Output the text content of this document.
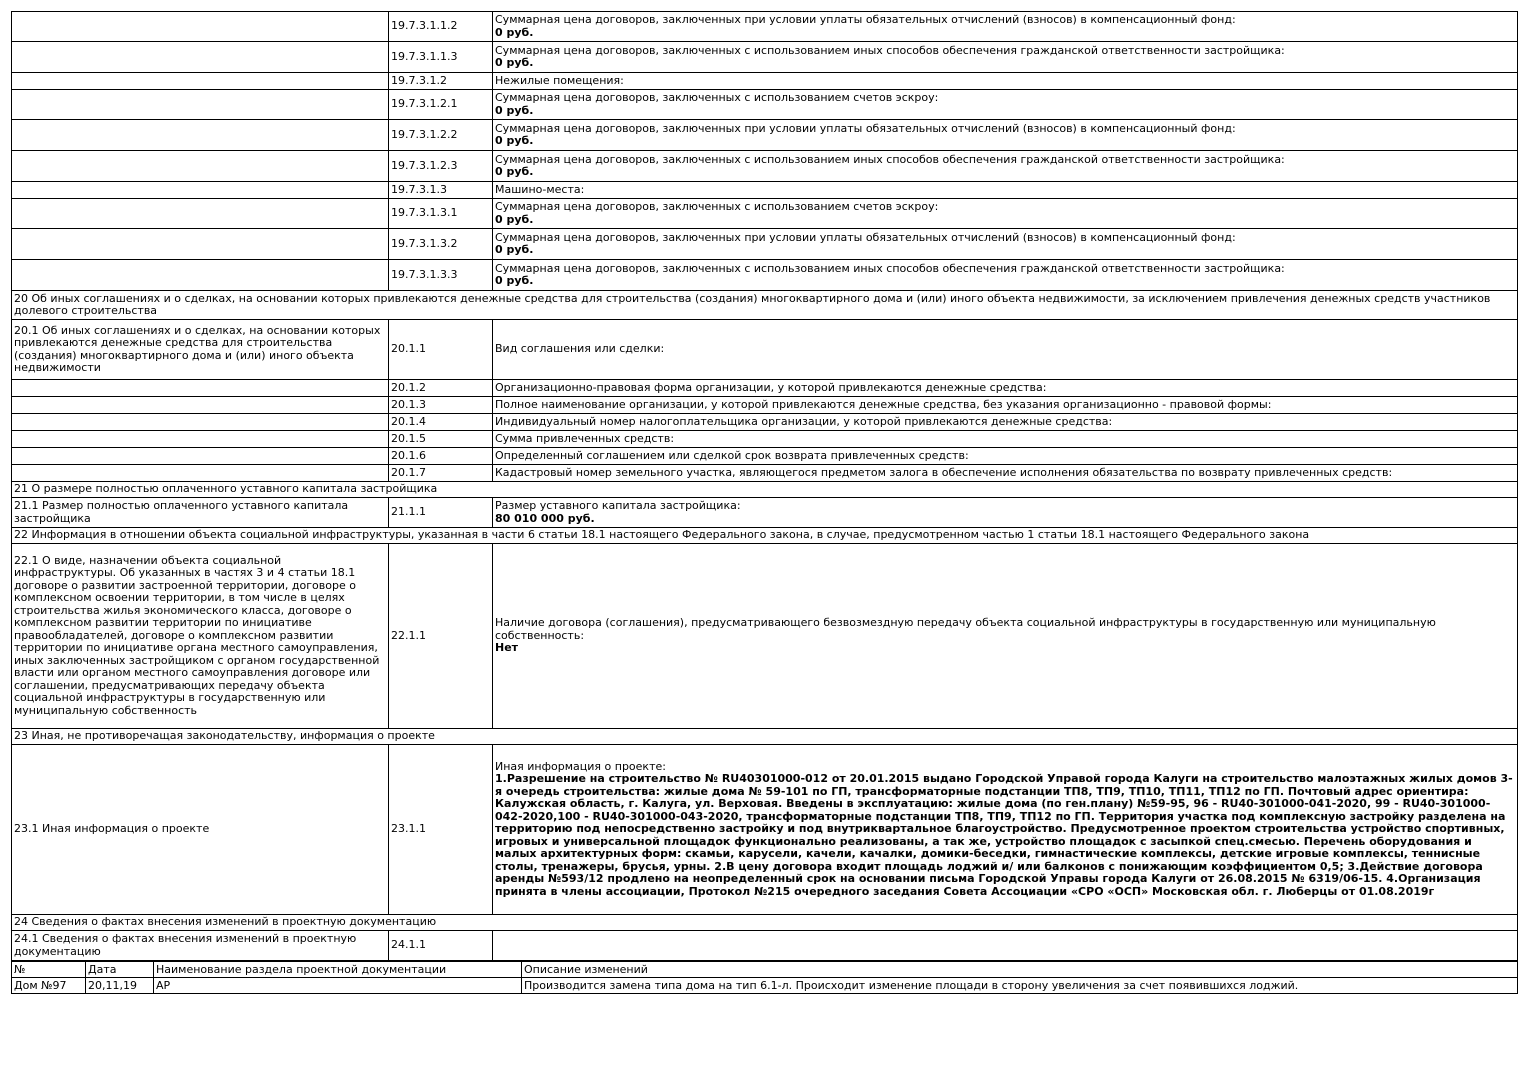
	19.7.3.1.1.2	Суммарная цена договоров, заключенных при условии уплаты обязательных отчислений (взносов) в компенсационный фонд:
0 руб.

	19.7.3.1.1.3	Суммарная цена договоров, заключенных с использованием иных способов обеспечения гражданской ответственности застройщика:
0 руб.

	19.7.3.1.2	Нежилые помещения:
	19.7.3.1.2.1	Суммарная цена договоров, заключенных с использованием счетов эскроу:
0 руб.

	19.7.3.1.2.2	Суммарная цена договоров, заключенных при условии уплаты обязательных отчислений (взносов) в компенсационный фонд:
0 руб.

	19.7.3.1.2.3	Суммарная цена договоров, заключенных с использованием иных способов обеспечения гражданской ответственности застройщика:
0 руб.

	19.7.3.1.3	Машино-места:
	19.7.3.1.3.1	Суммарная цена договоров, заключенных с использованием счетов эскроу:
0 руб.

	19.7.3.1.3.2	Суммарная цена договоров, заключенных при условии уплаты обязательных отчислений (взносов) в компенсационный фонд:
0 руб.

	19.7.3.1.3.3	Суммарная цена договоров, заключенных с использованием иных способов обеспечения гражданской ответственности застройщика:
0 руб.

20 Об иных соглашениях и о сделках, на основании которых привлекаются денежные средства для строительства (создания) многоквартирного дома и (или) иного объекта недвижимости, за исключением привлечения денежных средств участников долевого строительства		
20.1 Об иных соглашениях и о сделках, на основании которых привлекаются денежные средства для строительства (создания) многоквартирного дома и (или) иного объекта недвижимости	20.1.1	Вид соглашения или сделки:
	20.1.2	Организационно-правовая форма организации, у которой привлекаются денежные средства:
	20.1.3	Полное наименование организации, у которой привлекаются денежные средства, без указания организационно - правовой формы:
	20.1.4	Индивидуальный номер налогоплательщика организации, у которой привлекаются денежные средства:
	20.1.5	Сумма привлеченных средств:
	20.1.6	Определенный соглашением или сделкой срок возврата привлеченных средств:
	20.1.7	Кадастровый номер земельного участка, являющегося предметом залога в обеспечение исполнения обязательства по возврату привлеченных средств:
21 О размере полностью оплаченного уставного капитала застройщика		
21.1 Размер полностью оплаченного уставного капитала застройщика	21.1.1	Размер уставного капитала застройщика:
80 010 000 руб.

22 Информация в отношении объекта социальной инфраструктуры, указанная в части 6 статьи 18.1 настоящего Федерального закона, в случае, предусмотренном частью 1 статьи 18.1 настоящего Федерального закона		
22.1 О виде, назначении объекта социальной инфраструктуры. Об указанных в частях 3 и 4 статьи 18.1 договоре о развитии застроенной территории, договоре о комплексном освоении территории, в том числе в целях строительства жилья экономического класса, договоре о комплексном развитии территории по инициативе правообладателей, договоре о комплексном развитии территории по инициативе органа местного самоуправления, иных заключенных застройщиком с органом государственной власти или органом местного самоуправления договоре или соглашении, предусматривающих передачу объекта социальной инфраструктуры в государственную или муниципальную собственность	22.1.1	Наличие договора (соглашения), предусматривающего безвозмездную передачу объекта социальной инфраструктуры в государственную или муниципальную собственность:
Нет

23 Иная, не противоречащая законодательству, информация о проекте		
23.1 Иная информация о проекте	23.1.1	Иная информация о проекте:
1.Разрешение на строительство № RU40301000-012 от 20.01.2015 выдано Городской Управой города Калуги на строительство малоэтажных жилых домов 3-я очередь строительства: жилые дома № 59-101 по ГП, трансформаторные подстанции ТП8, ТП9, ТП10, ТП11, ТП12 по ГП. Почтовый адрес ориентира: Калужская область, г. Калуга, ул. Верховая. Введены в эксплуатацию: жилые дома (по ген.плану) №59-95, 96 - RU40-301000-041-2020, 99 - RU40-301000-042-2020,100 - RU40-301000-043-2020, трансформаторные подстанции ТП8, ТП9, ТП12 по ГП. Территория участка под комплексную застройку разделена на территорию под непосредственно застройку и под внутриквартальное благоустройство. Предусмотренное проектом строительства устройство спортивных, игровых и универсальной площадок функционально реализованы, а так же, устройство площадок с засыпкой спец.смесью. Перечень оборудования и малых архитектурных форм: скамьи, карусели, качели, качалки, домики-беседки, гимнастические комплексы, детские игровые комплексы, теннисные столы, тренажеры, брусья, урны. 2.В цену договора входит площадь лоджий и/ или балконов с понижающим коэффициентом 0,5; 3.Действие договора аренды №593/12 продлено на неопределенный срок на основании письма Городской Управы города Калуги от 26.08.2015 № 6319/06-15. 4.Организация принята в члены ассоциации, Протокол №215 очередного заседания Совета Ассоциации «СРО «ОСП» Московская обл. г. Люберцы от 01.08.2019г

24 Сведения о фактах внесения изменений в проектную документацию		
24.1 Сведения о фактах внесения изменений в проектную документацию	24.1.1	
№	Дата	Наименование раздела проектной документации	Описание изменений
Дом №97	20,11,19	АР	Производится замена типа дома на тип 6.1-л. Происходит изменение площади в сторону увеличения за счет появившихся лоджий.
